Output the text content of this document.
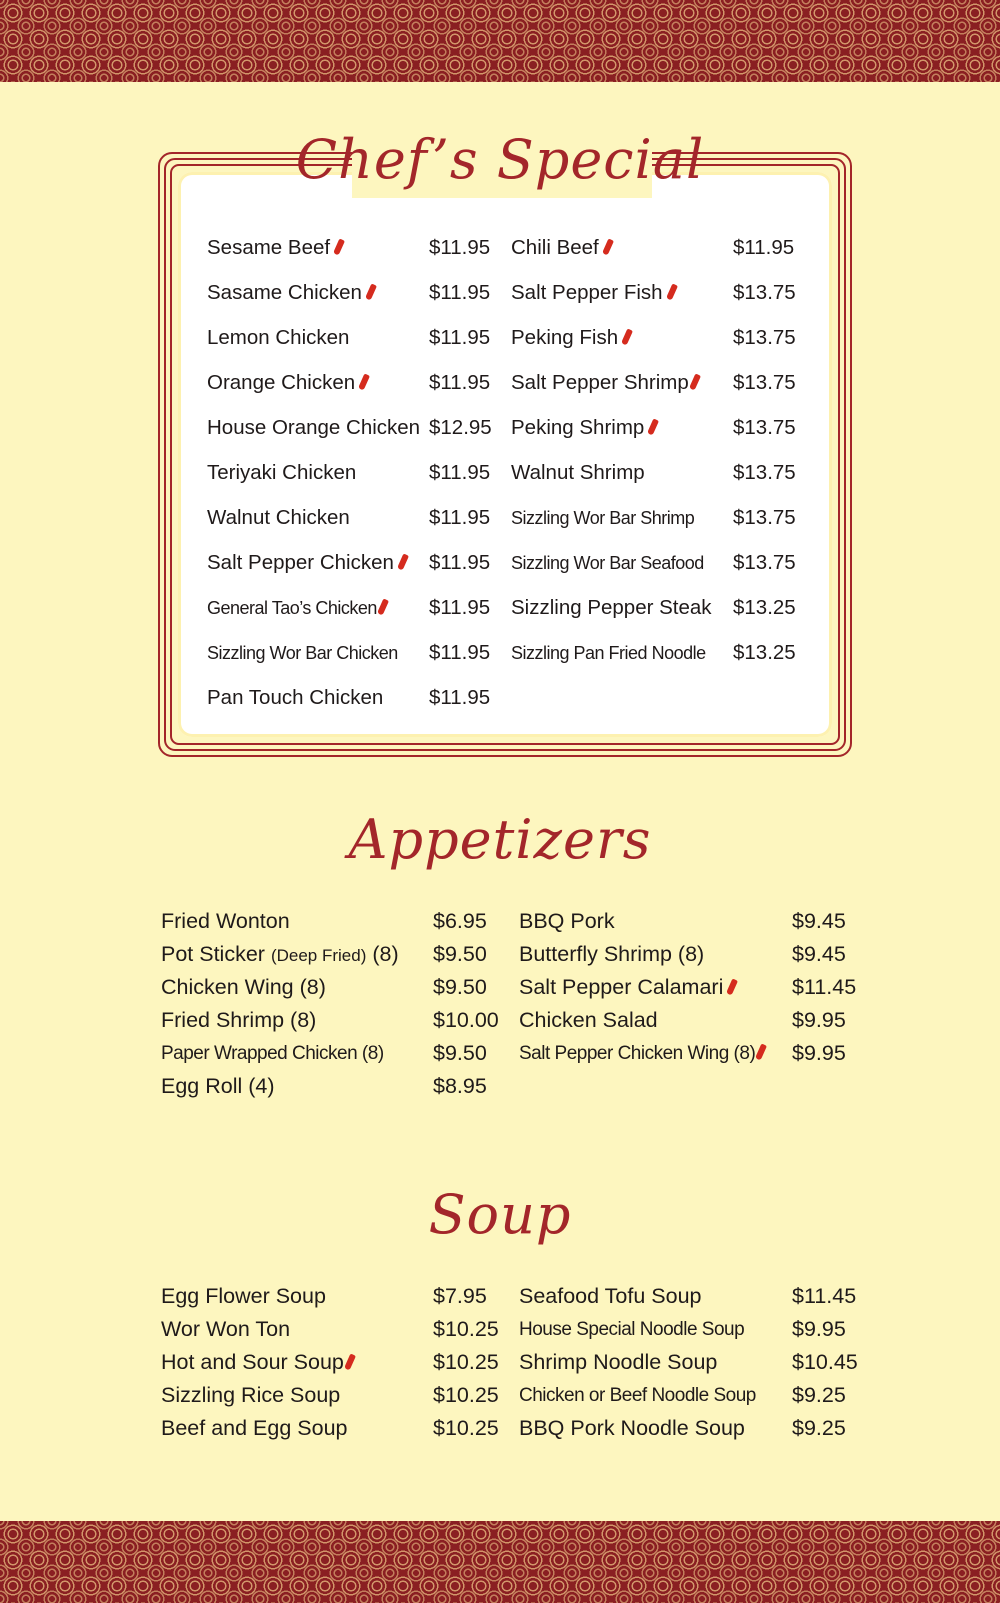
Chef’s Special
Sesame Beef	$11.95
Sasame Chicken	$11.95
Lemon Chicken	$11.95
Orange Chicken	$11.95
House Orange Chicken $12.95
Teriyaki Chicken	$11.95
Walnut Chicken	$11.95
Salt Pepper Chicken	$11.95
General Tao’s Chicken	$11.95
Sizzling Wor Bar Chicken $11.95
Pan Touch Chicken $11.95
Chili Beef	$11.95
Salt Pepper Fish	$13.75
Peking Fish	$13.75
Salt Pepper Shrimp	$13.75
Peking Shrimp	$13.75
Walnut Shrimp	$13.75
Sizzling Wor Bar Shrimp $13.75
Sizzling Wor Bar Seafood $13.75
Sizzling Pepper Steak $13.25
Sizzling Pan Fried Noodle $13.25
Appetizers
Fried Wonton	$6.95
Pot Sticker (Deep Fried) (8) $9.50
Chicken Wing (8)	$9.50
Fried Shrimp (8)	$10.00
Paper Wrapped Chicken (8) $9.50
Egg Roll (4)	$8.95
BBQ Pork	$9.45
Butterfly Shrimp (8)	$9.45
Salt Pepper Calamari	$11.45
Chicken Salad	$9.95
Salt Pepper Chicken Wing (8)	$9.95
Soup
Egg Flower Soup	$7.95
Wor Won Ton	$10.25
Hot and Sour Soup	$10.25
Sizzling Rice Soup	$10.25
Beef and Egg Soup	$10.25
Seafood Tofu Soup	$11.45
House Special Noodle Soup $9.95
Shrimp Noodle Soup	$10.45
Chicken or Beef Noodle Soup $9.25
BBQ Pork Noodle Soup $9.25
